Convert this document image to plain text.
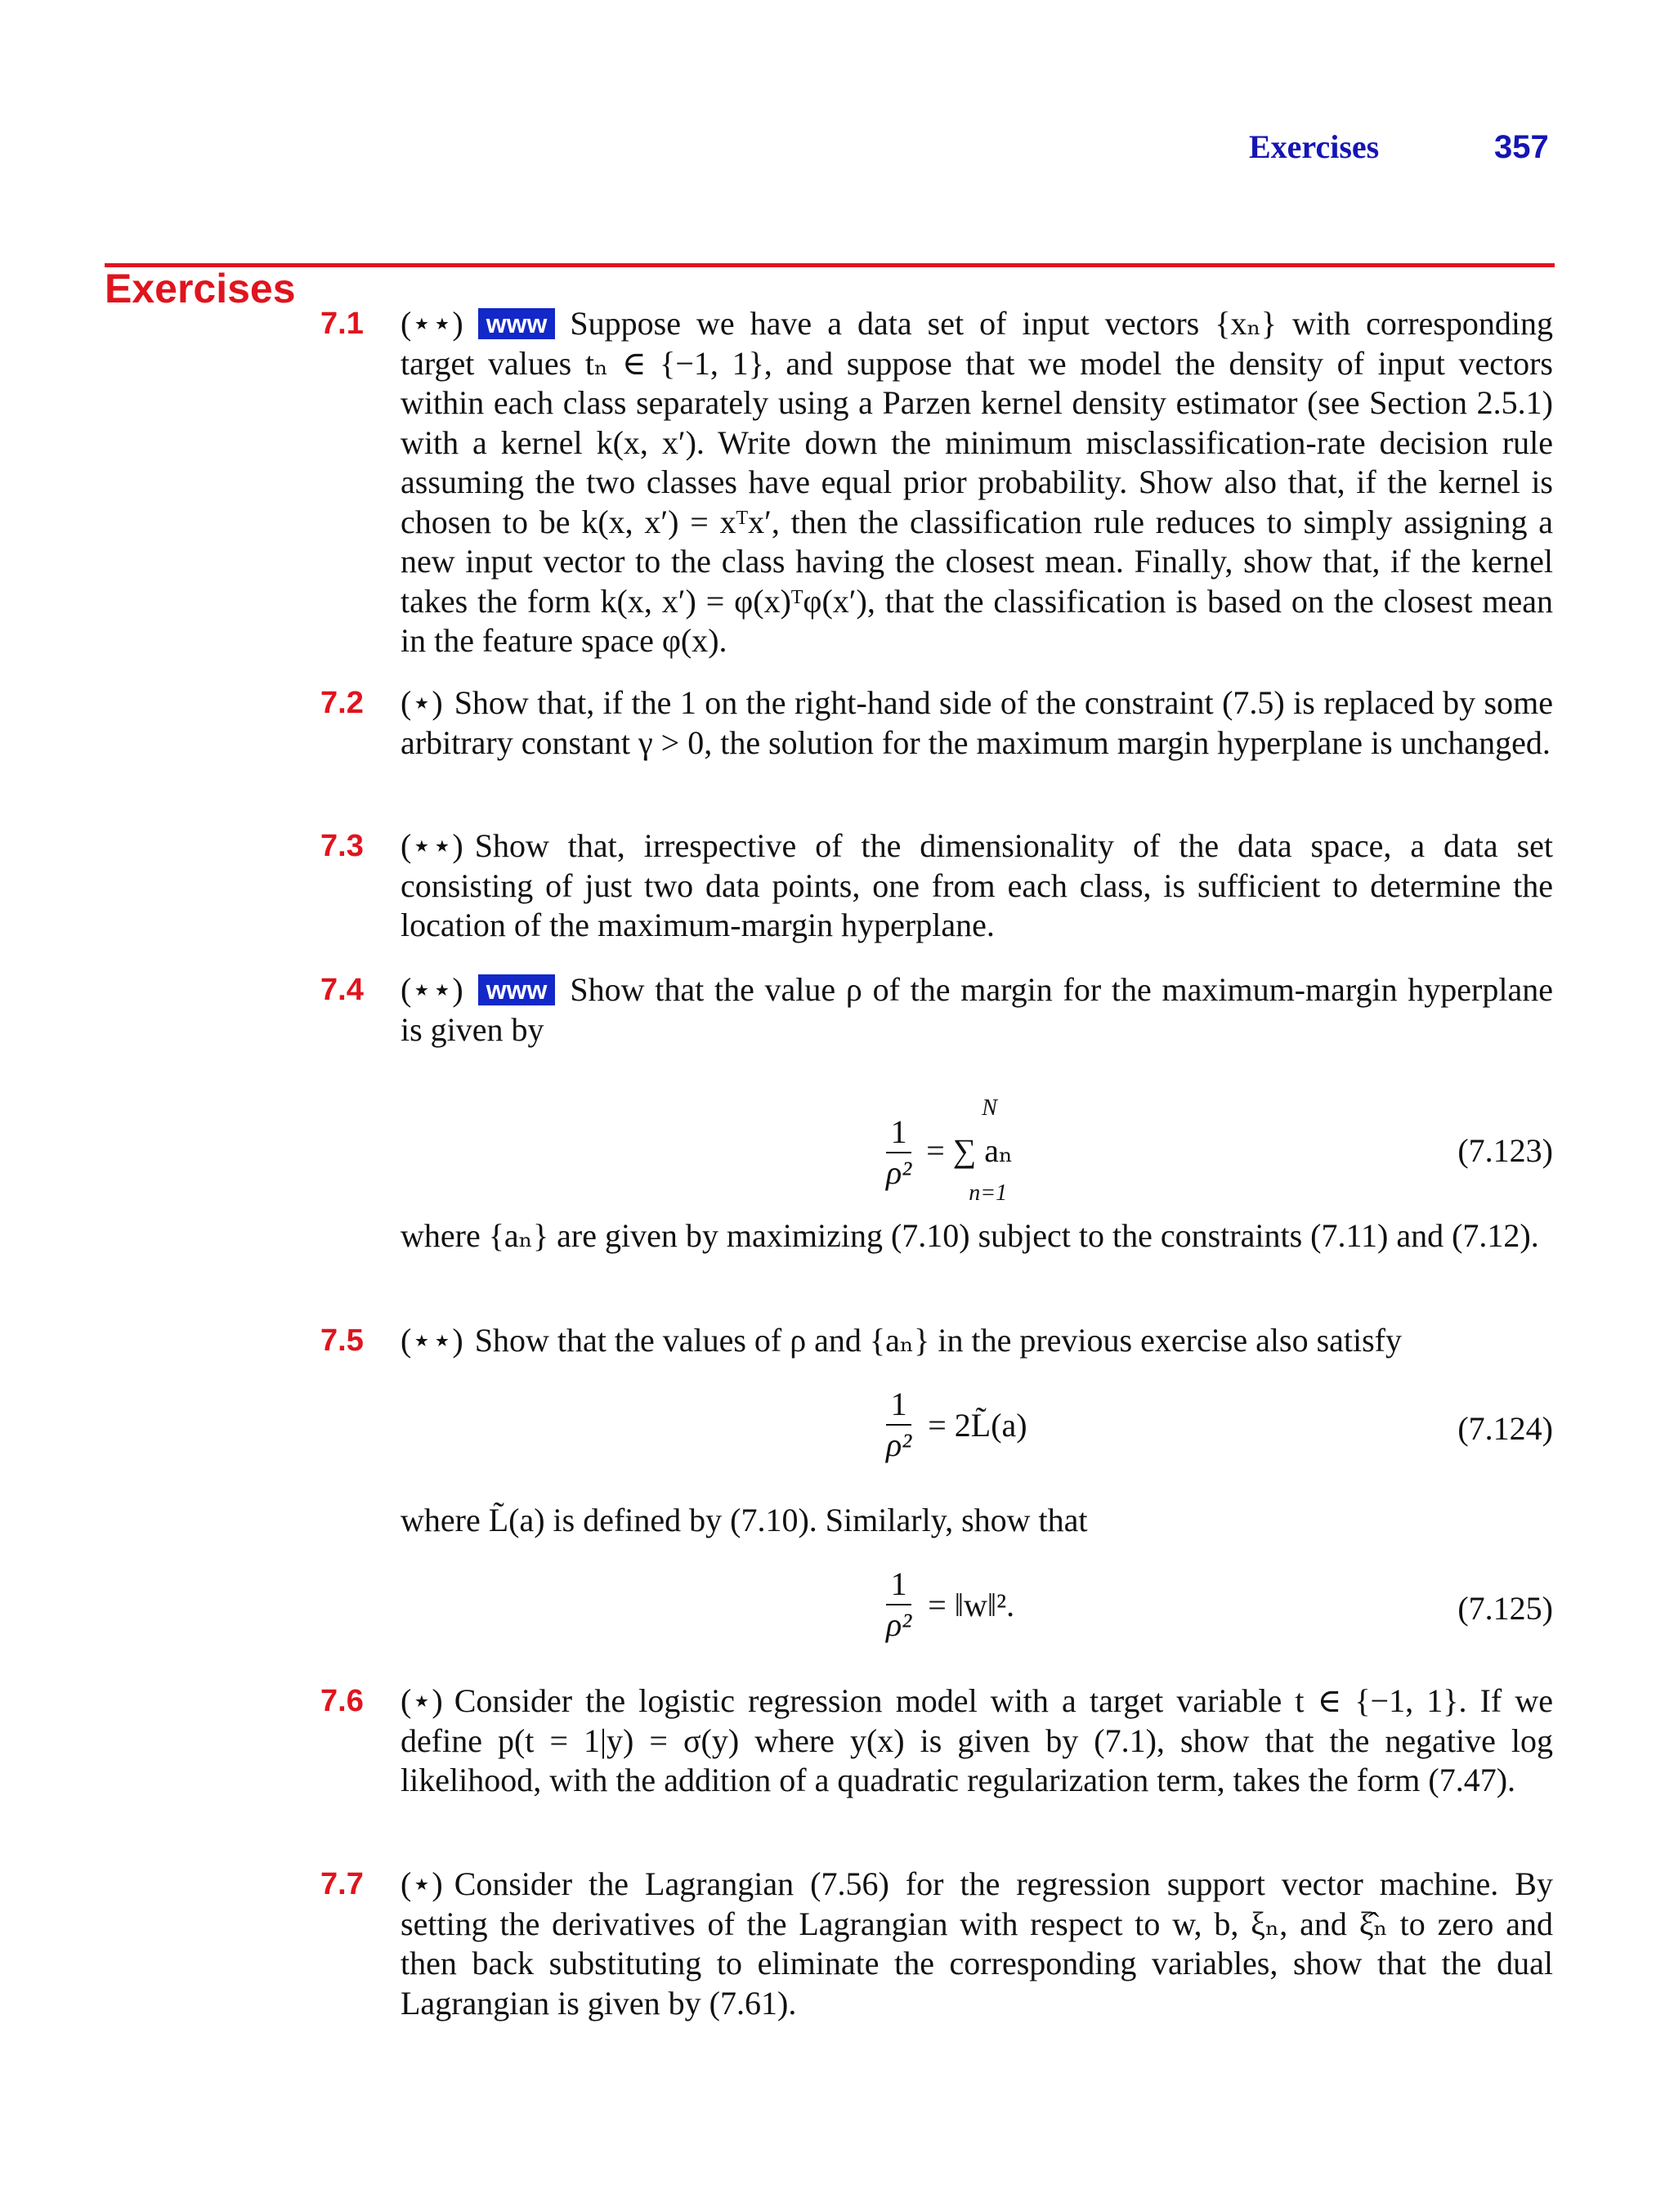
Exercises	357
Exercises
7.1	(⋆⋆) www Suppose we have a data set of input vectors {xₙ} with corresponding target values tₙ ∈ {−1, 1}, and suppose that we model the density of input vectors within each class separately using a Parzen kernel density estimator (see Section 2.5.1) with a kernel k(x, x′). Write down the minimum misclassification-rate decision rule assuming the two classes have equal prior probability. Show also that, if the kernel is chosen to be k(x, x′) = xᵀx′, then the classification rule reduces to simply assigning a new input vector to the class having the closest mean. Finally, show that, if the kernel takes the form k(x, x′) = φ(x)ᵀφ(x′), that the classification is based on the closest mean in the feature space φ(x).

7.2	(⋆) Show that, if the 1 on the right-hand side of the constraint (7.5) is replaced by some arbitrary constant γ > 0, the solution for the maximum margin hyperplane is unchanged.

7.3	(⋆⋆) Show that, irrespective of the dimensionality of the data space, a data set consisting of just two data points, one from each class, is sufficient to determine the location of the maximum-margin hyperplane.

7.4	(⋆⋆) www Show that the value ρ of the margin for the maximum-margin hyperplane is given by

$\frac{1}{\text{ρ²}}$

N
= ∑ aₙ
n=1
(7.123)

where {aₙ} are given by maximizing (7.10) subject to the constraints (7.11) and (7.12).

7.5	(⋆⋆) Show that the values of ρ and {aₙ} in the previous exercise also satisfy

$\frac{1}{\text{ρ²}}$ = 2L̃(a)	(7.124)

where L̃(a) is defined by (7.10). Similarly, show that

$\frac{1}{\text{ρ²}}$ = ‖w‖².	(7.125)
7.6	(⋆) Consider the logistic regression model with a target variable t ∈ {−1, 1}. If we define p(t = 1|y) = σ(y) where y(x) is given by (7.1), show that the negative log likelihood, with the addition of a quadratic regularization term, takes the form (7.47).

7.7	(⋆) Consider the Lagrangian (7.56) for the regression support vector machine. By setting the derivatives of the Lagrangian with respect to w, b, ξₙ, and ξ̂ₙ to zero and then back substituting to eliminate the corresponding variables, show that the dual Lagrangian is given by (7.61).
